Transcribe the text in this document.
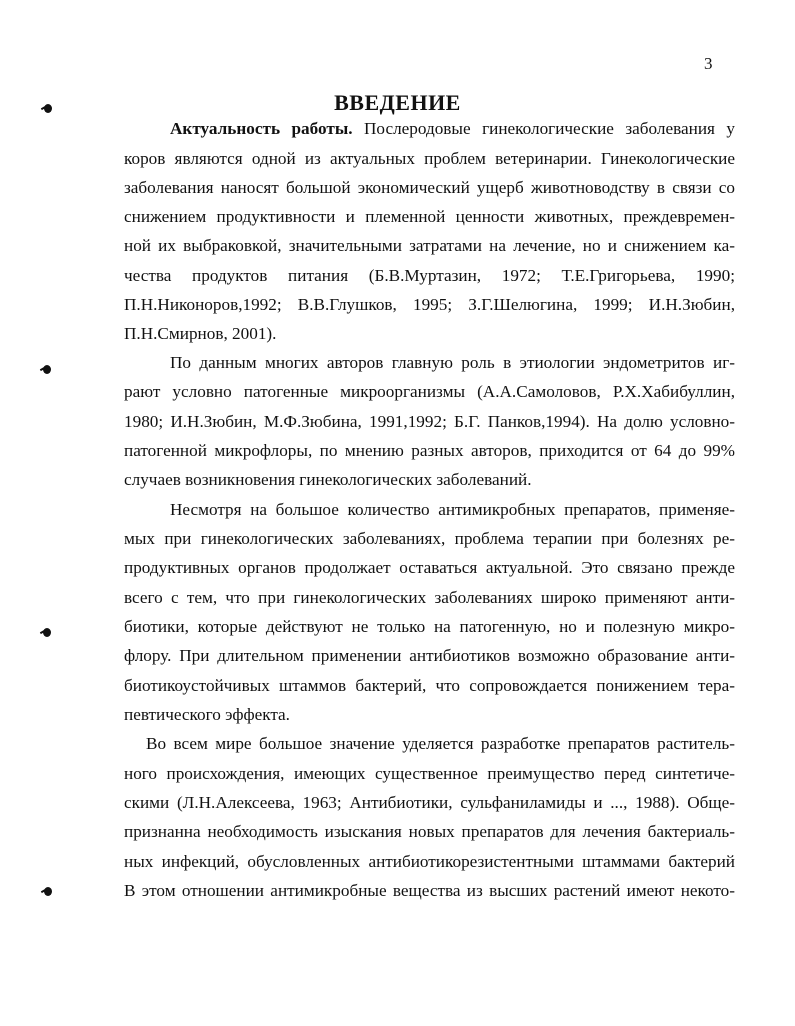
3
ВВЕДЕНИЕ
Актуальность работы. Послеродовые гинекологические заболевания у
коров являются одной из актуальных проблем ветеринарии. Гинекологические
заболевания наносят большой экономический ущерб животноводству в связи со
снижением продуктивности и племенной ценности животных, преждевремен-
ной их выбраковкой, значительными затратами на лечение, но и снижением ка-
чества продуктов питания (Б.В.Муртазин, 1972; Т.Е.Григорьева, 1990;
П.Н.Никоноров,1992; В.В.Глушков, 1995; З.Г.Шелюгина, 1999; И.Н.Зюбин,
П.Н.Смирнов, 2001).
По данным многих авторов главную роль в этиологии эндометритов иг-
рают условно патогенные микроорганизмы (А.А.Самоловов, Р.Х.Хабибуллин,
1980; И.Н.Зюбин, М.Ф.Зюбина, 1991,1992; Б.Г. Панков,1994). На долю условно-
патогенной микрофлоры, по мнению разных авторов, приходится от 64 до 99%
случаев возникновения гинекологических заболеваний.
Несмотря на большое количество антимикробных препаратов, применяе-
мых при гинекологических заболеваниях, проблема терапии при болезнях ре-
продуктивных органов продолжает оставаться актуальной. Это связано прежде
всего с тем, что при гинекологических заболеваниях широко применяют анти-
биотики, которые действуют не только на патогенную, но и полезную микро-
флору. При длительном применении антибиотиков возможно образование анти-
биотикоустойчивых штаммов бактерий, что сопровождается понижением тера-
певтического эффекта.
Во всем мире большое значение уделяется разработке препаратов раститель-
ного происхождения, имеющих существенное преимущество перед синтетиче-
скими (Л.Н.Алексеева, 1963; Антибиотики, сульфаниламиды и ..., 1988). Обще-
признанна необходимость изыскания новых препаратов для лечения бактериаль-
ных инфекций, обусловленных антибиотикорезистентными штаммами бактерий
В этом отношении антимикробные вещества из высших растений имеют некото-
